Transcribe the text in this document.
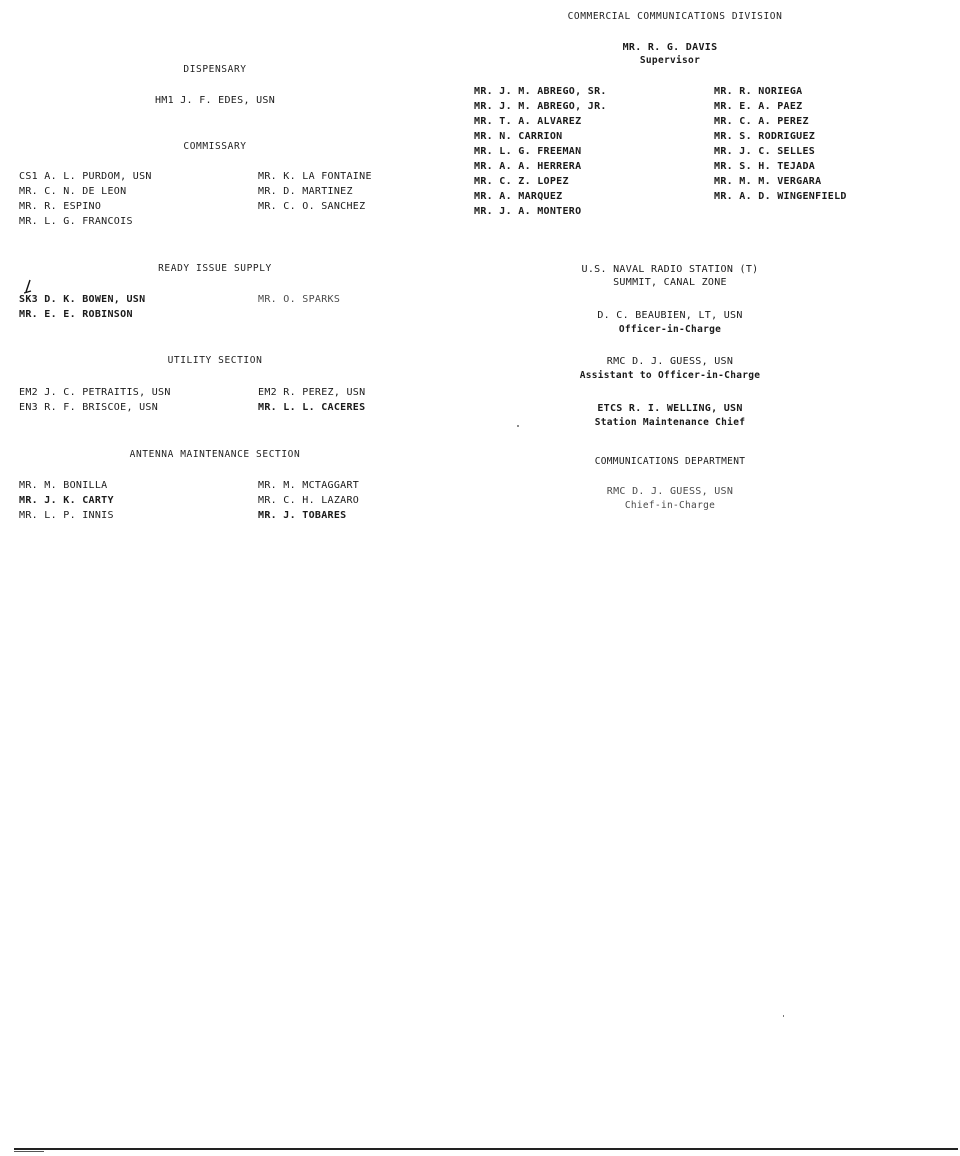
COMMERCIAL COMMUNICATIONS DIVISION
MR. R. G. DAVIS
Supervisor
MR. J. M. ABREGO, SR.
MR. J. M. ABREGO, JR.
MR. T. A. ALVAREZ
MR. N. CARRION
MR. L. G. FREEMAN
MR. A. A. HERRERA
MR. C. Z. LOPEZ
MR. A. MARQUEZ
MR. J. A. MONTERO
MR. R. NORIEGA
MR. E. A. PAEZ
MR. C. A. PEREZ
MR. S. RODRIGUEZ
MR. J. C. SELLES
MR. S. H. TEJADA
MR. M. M. VERGARA
MR. A. D. WINGENFIELD
U.S. NAVAL RADIO STATION (T)
SUMMIT, CANAL ZONE
D. C. BEAUBIEN, LT, USN
Officer-in-Charge
RMC D. J. GUESS, USN
Assistant to Officer-in-Charge
ETCS R. I. WELLING, USN
Station Maintenance Chief
COMMUNICATIONS DEPARTMENT
RMC D. J. GUESS, USN
Chief-in-Charge
DISPENSARY
HM1 J. F. EDES, USN
COMMISSARY
CS1 A. L. PURDOM, USN
MR. C. N. DE LEON
MR. R. ESPINO
MR. L. G. FRANCOIS
MR. K. LA FONTAINE
MR. D. MARTINEZ
MR. C. O. SANCHEZ
READY ISSUE SUPPLY
SK3 D. K. BOWEN, USN
MR. E. E. ROBINSON
MR. O. SPARKS
UTILITY SECTION
EM2 J. C. PETRAITIS, USN
EN3 R. F. BRISCOE, USN
EM2 R. PEREZ, USN
MR. L. L. CACERES
ANTENNA MAINTENANCE SECTION
MR. M. BONILLA
MR. J. K. CARTY
MR. L. P. INNIS
MR. M. MCTAGGART
MR. C. H. LAZARO
MR. J. TOBARES
